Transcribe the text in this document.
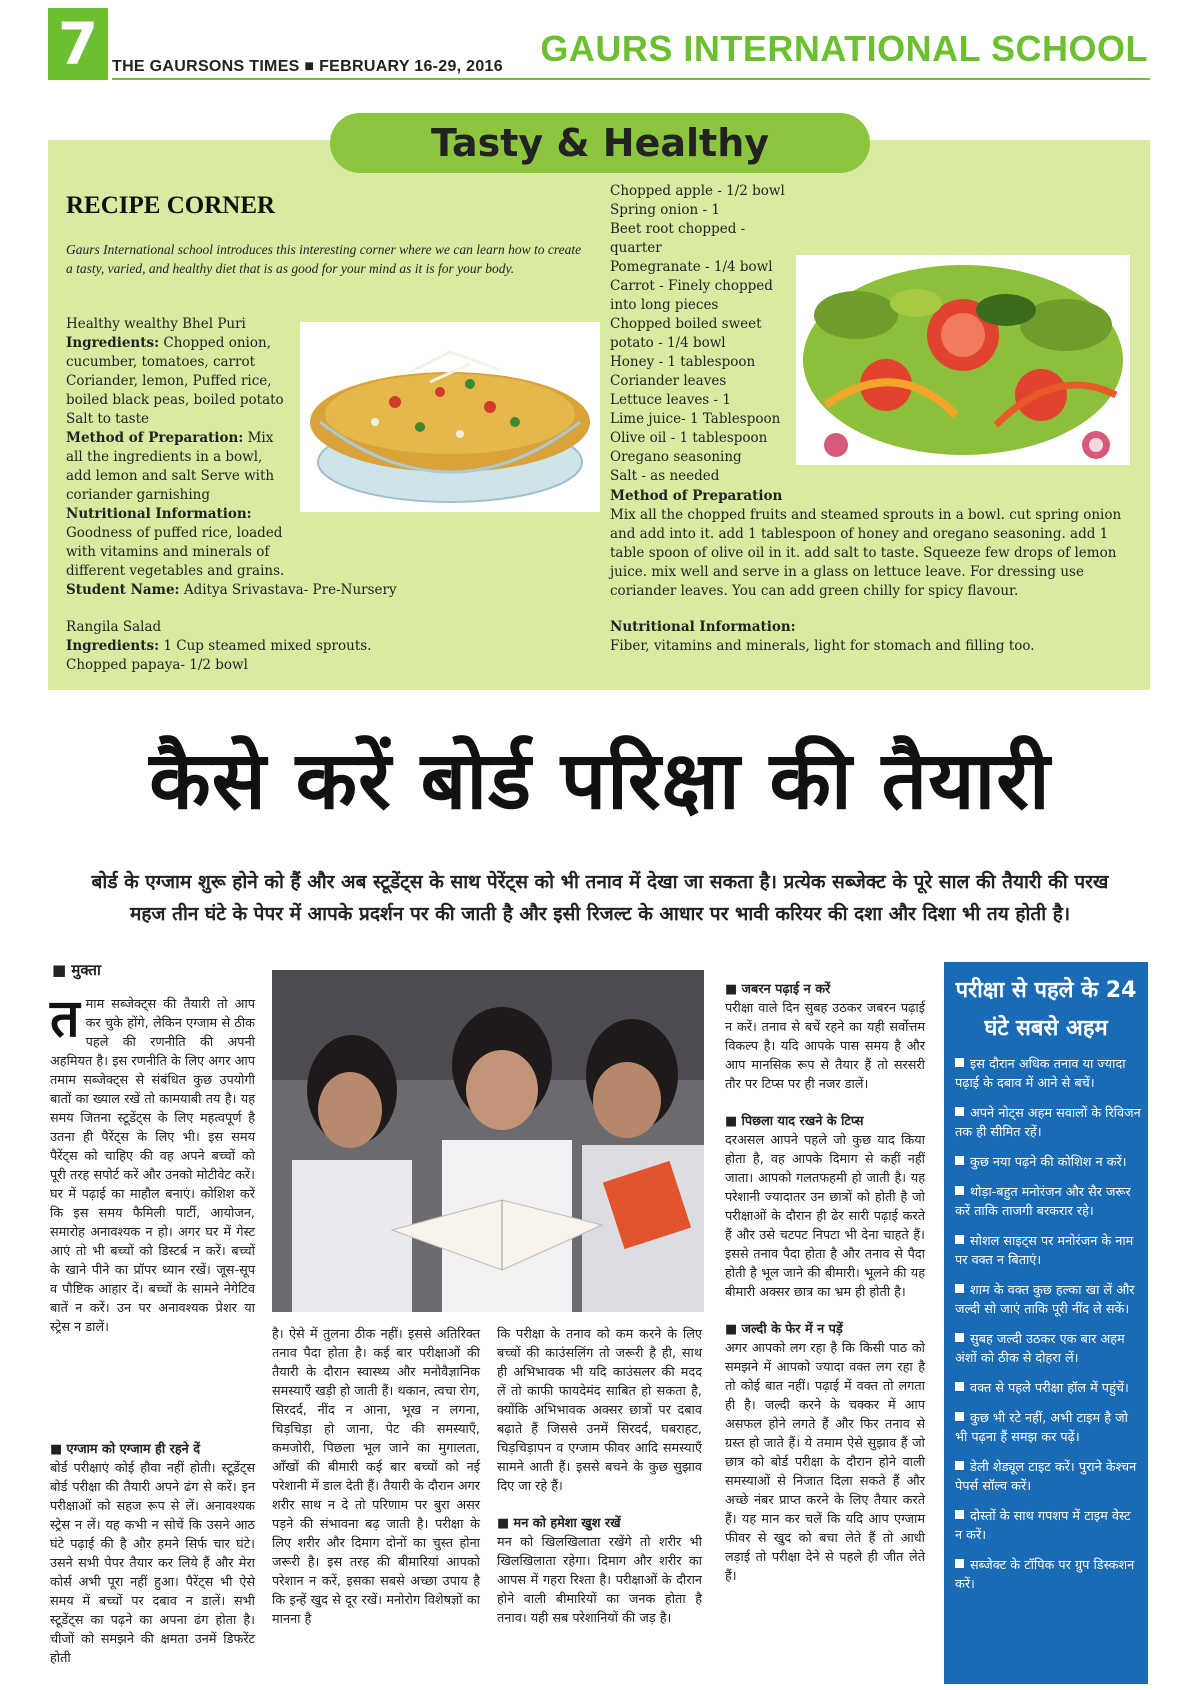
7 THE GAURSONS TIMES ■ FEBRUARY 16-29, 2016 GAURS INTERNATIONAL SCHOOL
Tasty & Healthy
RECIPE CORNER
Gaurs International school introduces this interesting corner where we can learn how to create a tasty, varied, and healthy diet that is as good for your mind as it is for your body.
Healthy wealthy Bhel Puri
Ingredients: Chopped onion, cucumber, tomatoes, carrot Coriander, lemon, Puffed rice, boiled black peas, boiled potato Salt to taste
Method of Preparation: Mix all the ingredients in a bowl, add lemon and salt Serve with coriander garnishing
Nutritional Information:
Goodness of puffed rice, loaded with vitamins and minerals of different vegetables and grains.
Student Name: Aditya Srivastava- Pre-Nursery
Rangila Salad
Ingredients: 1 Cup steamed mixed sprouts.
Chopped papaya- 1/2 bowl
Chopped apple - 1/2 bowl
Spring onion - 1
Beet root chopped - quarter
Pomegranate - 1/4 bowl
Carrot - Finely chopped into long pieces
Chopped boiled sweet potato - 1/4 bowl
Honey - 1 tablespoon
Coriander leaves
Lettuce leaves - 1
Lime juice- 1 Tablespoon
Olive oil - 1 tablespoon
Oregano seasoning
Salt - as needed
Method of Preparation
Mix all the chopped fruits and steamed sprouts in a bowl. cut spring onion and add into it. add 1 tablespoon of honey and oregano seasoning. add 1 table spoon of olive oil in it. add salt to taste. Squeeze few drops of lemon juice. mix well and serve in a glass on lettuce leave. For dressing use coriander leaves. You can add green chilly for spicy flavour.
Nutritional Information:
Fiber, vitamins and minerals, light for stomach and filling too.
कैसे करें बोर्ड परिक्षा की तैयारी
बोर्ड के एग्जाम शुरू होने को हैं और अब स्टूडेंट्स के साथ पेरेंट्स को भी तनाव में देखा जा सकता है। प्रत्येक सब्जेक्ट के पूरे साल की तैयारी की परख महज तीन घंटे के पेपर में आपके प्रदर्शन पर की जाती है और इसी रिजल्ट के आधार पर भावी करियर की दशा और दिशा भी तय होती है।
■ मुक्ता
त माम सब्जेक्ट्स की तैयारी तो आप कर चुके होंगे, लेकिन एग्जाम से ठीक पहले की रणनीति की अपनी अहमियत है। इस रणनीति के लिए अगर आप तमाम सब्जेक्ट्स से संबंधित कुछ उपयोगी बातों का ख्याल रखें तो कामयाबी तय है। यह समय जितना स्टूडेंट्स के लिए महत्वपूर्ण है उतना ही पैरेंट्स के लिए भी। इस समय पैरेंट्स को चाहिए की वह अपने बच्चों को पूरी तरह सपोर्ट करें और उनको मोटीवेट करें। घर में पढ़ाई का माहौल बनाएं। कोशिश करें कि इस समय फैमिली पार्टी, आयोजन, समारोह अनावश्यक न हो। अगर घर में गेस्ट आएं तो भी बच्चों को डिस्टर्ब न करें। बच्चों के खाने पीने का प्रॉपर ध्यान रखें। जूस-सूप व पौष्टिक आहार दें। बच्चों के सामने नेगेटिव बातें न करें। उन पर अनावश्यक प्रेशर या स्ट्रेस न डालें।

■ एग्जाम को एग्जाम ही रहने दें

बोर्ड परीक्षाएं कोई हौवा नहीं होती। स्टूडेंट्स बोर्ड परीक्षा की तैयारी अपने ढंग से करें। इन परीक्षाओं को सहज रूप से लें। अनावश्यक स्ट्रेस न लें। यह कभी न सोचें कि उसने आठ घंटे पढ़ाई की है और हमने सिर्फ चार घंटे। उसने सभी पेपर तैयार कर लिये हैं और मेरा कोर्स अभी पूरा नहीं हुआ। पैरेंट्स भी ऐसे समय में बच्चों पर दबाव न डालें। सभी स्टूडेंट्स का पढ़ने का अपना ढंग होता है। चीजों को समझने की क्षमता उनमें डिफरेंट होती

है। ऐसे में तुलना ठीक नहीं। इससे अतिरिक्त तनाव पैदा होता है। कई बार परीक्षाओं की तैयारी के दौरान स्वास्थ्य और मनोवैज्ञानिक समस्याएँ खड़ी हो जाती हैं। थकान, त्वचा रोग, सिरदर्द, नींद न आना, भूख न लगना, चिड़चिड़ा हो जाना, पेट की समस्याएँ, कमजोरी, पिछला भूल जाने का मुगालता, आँखों की बीमारी कई बार बच्चों को नई परेशानी में डाल देती हैं। तैयारी के दौरान अगर शरीर साथ न दे तो परिणाम पर बुरा असर पड़ने की संभावना बढ़ जाती है। परीक्षा के लिए शरीर और दिमाग दोनों का चुस्त होना जरूरी है। इस तरह की बीमारियां आपको परेशान न करें, इसका सबसे अच्छा उपाय है कि इन्हें खुद से दूर रखें। मनोरोग विशेषज्ञों का मानना है

कि परीक्षा के तनाव को कम करने के लिए बच्चों की काउंसलिंग तो जरूरी है ही, साथ ही अभिभावक भी यदि काउंसलर की मदद लें तो काफी फायदेमंद साबित हो सकता है, क्योंकि अभिभावक अक्सर छात्रों पर दबाव बढ़ाते हैं जिससे उनमें सिरदर्द, घबराहट, चिड़चिड़ापन व एग्जाम फीवर आदि समस्याएँ सामने आती हैं। इससे बचने के कुछ सुझाव दिए जा रहे हैं।

■ मन को हमेशा खुश रखें

मन को खिलखिलाता रखेंगे तो शरीर भी खिलखिलाता रहेगा। दिमाग और शरीर का आपस में गहरा रिश्ता है। परीक्षाओं के दौरान होने वाली बीमारियों का जनक होता है तनाव। यही सब परेशानियों की जड़ है।

■ जबरन पढ़ाई न करें

परीक्षा वाले दिन सुबह उठकर जबरन पढ़ाई न करें। तनाव से बचें रहने का यही सर्वोत्तम विकल्प है। यदि आपके पास समय है और आप मानसिक रूप से तैयार हैं तो सरसरी तौर पर टिप्स पर ही नजर डालें।

■ पिछला याद रखने के टिप्स

दरअसल आपने पहले जो कुछ याद किया होता है, वह आपके दिमाग से कहीं नहीं जाता। आपको गलतफहमी हो जाती है। यह परेशानी ज्यादातर उन छात्रों को होती है जो परीक्षाओं के दौरान ही ढेर सारी पढ़ाई करते हैं और उसे चटपट निपटा भी देना चाहते हैं। इससे तनाव पैदा होता है और तनाव से पैदा होती है भूल जाने की बीमारी। भूलने की यह बीमारी अक्सर छात्र का भ्रम ही होती है।

■ जल्दी के फेर में न पड़ें

अगर आपको लग रहा है कि किसी पाठ को समझने में आपको ज्यादा वक्त लग रहा है तो कोई बात नहीं। पढ़ाई में वक्त तो लगता ही है। जल्दी करने के चक्कर में आप असफल होने लगते हैं और फिर तनाव से ग्रस्त हो जाते हैं। ये तमाम ऐसे सुझाव हैं जो छात्र को बोर्ड परीक्षा के दौरान होने वाली समस्याओं से निजात दिला सकते हैं और अच्छे नंबर प्राप्त करने के लिए तैयार करते हैं। यह मान कर चलें कि यदि आप एग्जाम फीवर से खुद को बचा लेते हैं तो आधी लड़ाई तो परीक्षा देने से पहले ही जीत लेते हैं।

परीक्षा से पहले के 24 घंटे सबसे अहम
इस दौरान अधिक तनाव या ज्यादा पढ़ाई के दबाव में आने से बचें।
अपने नोट्स अहम सवालों के रिविजन तक ही सीमित रहें।
कुछ नया पढ़ने की कोशिश न करें।
थोड़ा-बहुत मनोरंजन और सैर जरूर करें ताकि ताजगी बरकरार रहे।
सोशल साइट्स पर मनोरंजन के नाम पर वक्त न बिताएं।
शाम के वक्त कुछ हल्का खा लें और जल्दी सो जाएं ताकि पूरी नींद ले सकें।
सुबह जल्दी उठकर एक बार अहम अंशों को ठीक से दोहरा लें।
वक्त से पहले परीक्षा हॉल में पहुंचें।
कुछ भी रटे नहीं, अभी टाइम है जो भी पढ़ना हैं समझ कर पढ़ें।
डेली शेड्यूल टाइट करें। पुराने केश्चन पेपर्स सॉल्व करें।
दोस्तों के साथ गपशप में टाइम वेस्ट न करें।
सब्जेक्ट के टॉपिक पर ग्रुप डिस्कशन करें।
